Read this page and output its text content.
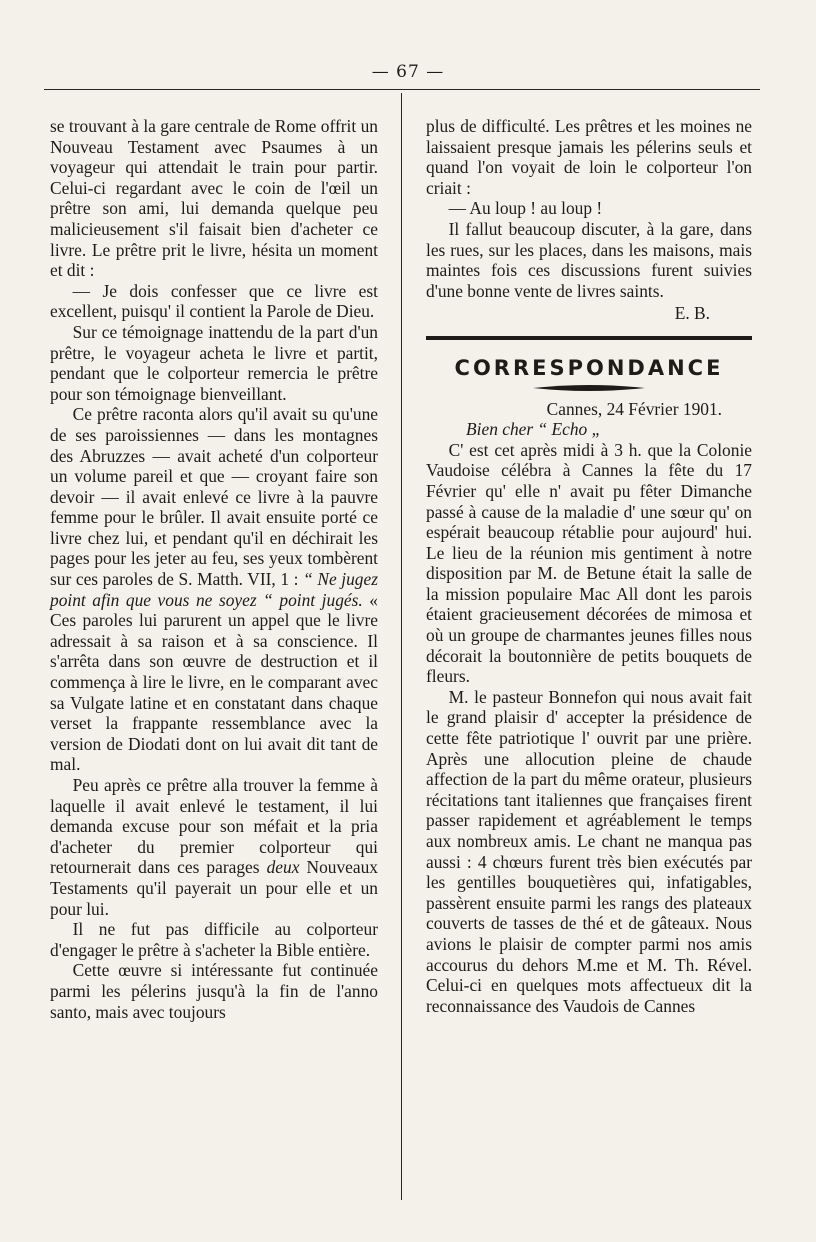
— 67 —

se trouvant à la gare centrale de Rome offrit un Nouveau Testament avec Psaumes à un voyageur qui attendait le train pour partir. Celui-ci regardant avec le coin de l'œil un prêtre son ami, lui demanda quelque peu malicieusement s'il faisait bien d'acheter ce livre. Le prêtre prit le livre, hésita un moment et dit :

— Je dois confesser que ce livre est excellent, puisqu' il contient la Parole de Dieu.

Sur ce témoignage inattendu de la part d'un prêtre, le voyageur acheta le livre et partit, pendant que le colporteur remercia le prêtre pour son témoignage bienveillant.

Ce prêtre raconta alors qu'il avait su qu'une de ses paroissiennes — dans les montagnes des Abruzzes — avait acheté d'un colporteur un volume pareil et que — croyant faire son devoir — il avait enlevé ce livre à la pauvre femme pour le brûler. Il avait ensuite porté ce livre chez lui, et pendant qu'il en déchirait les pages pour les jeter au feu, ses yeux tombèrent sur ces paroles de S. Matth. VII, 1 : “ Ne jugez point afin que vous ne soyez “ point jugés. « Ces paroles lui parurent un appel que le livre adressait à sa raison et à sa conscience. Il s'arrêta dans son œuvre de destruction et il commença à lire le livre, en le comparant avec sa Vulgate latine et en constatant dans chaque verset la frappante ressemblance avec la version de Diodati dont on lui avait dit tant de mal.

Peu après ce prêtre alla trouver la femme à laquelle il avait enlevé le testament, il lui demanda excuse pour son méfait et la pria d'acheter du premier colporteur qui retournerait dans ces parages deux Nouveaux Testaments qu'il payerait un pour elle et un pour lui.

Il ne fut pas difficile au colporteur d'engager le prêtre à s'acheter la Bible entière.

Cette œuvre si intéressante fut continuée parmi les pélerins jusqu'à la fin de l'anno santo, mais avec toujours

plus de difficulté. Les prêtres et les moines ne laissaient presque jamais les pélerins seuls et quand l'on voyait de loin le colporteur l'on criait :

— Au loup ! au loup !

Il fallut beaucoup discuter, à la gare, dans les rues, sur les places, dans les maisons, mais maintes fois ces discussions furent suivies d'une bonne vente de livres saints.

E. B.

CORRESPONDANCE

Cannes, 24 Février 1901.

Bien cher “ Echo „

C' est cet après midi à 3 h. que la Colonie Vaudoise célébra à Cannes la fête du 17 Février qu' elle n' avait pu fêter Dimanche passé à cause de la maladie d' une sœur qu' on espérait beaucoup rétablie pour aujourd' hui. Le lieu de la réunion mis gentiment à notre disposition par M. de Betune était la salle de la mission populaire Mac All dont les parois étaient gracieusement décorées de mimosa et où un groupe de charmantes jeunes filles nous décorait la boutonnière de petits bouquets de fleurs.

M. le pasteur Bonnefon qui nous avait fait le grand plaisir d' accepter la présidence de cette fête patriotique l' ouvrit par une prière. Après une allocution pleine de chaude affection de la part du même orateur, plusieurs récitations tant italiennes que françaises firent passer rapidement et agréablement le temps aux nombreux amis. Le chant ne manqua pas aussi : 4 chœurs furent très bien exécutés par les gentilles bouquetières qui, infatigables, passèrent ensuite parmi les rangs des plateaux couverts de tasses de thé et de gâteaux. Nous avions le plaisir de compter parmi nos amis accourus du dehors M.me et M. Th. Rével. Celui-ci en quelques mots affectueux dit la reconnaissance des Vaudois de Cannes
